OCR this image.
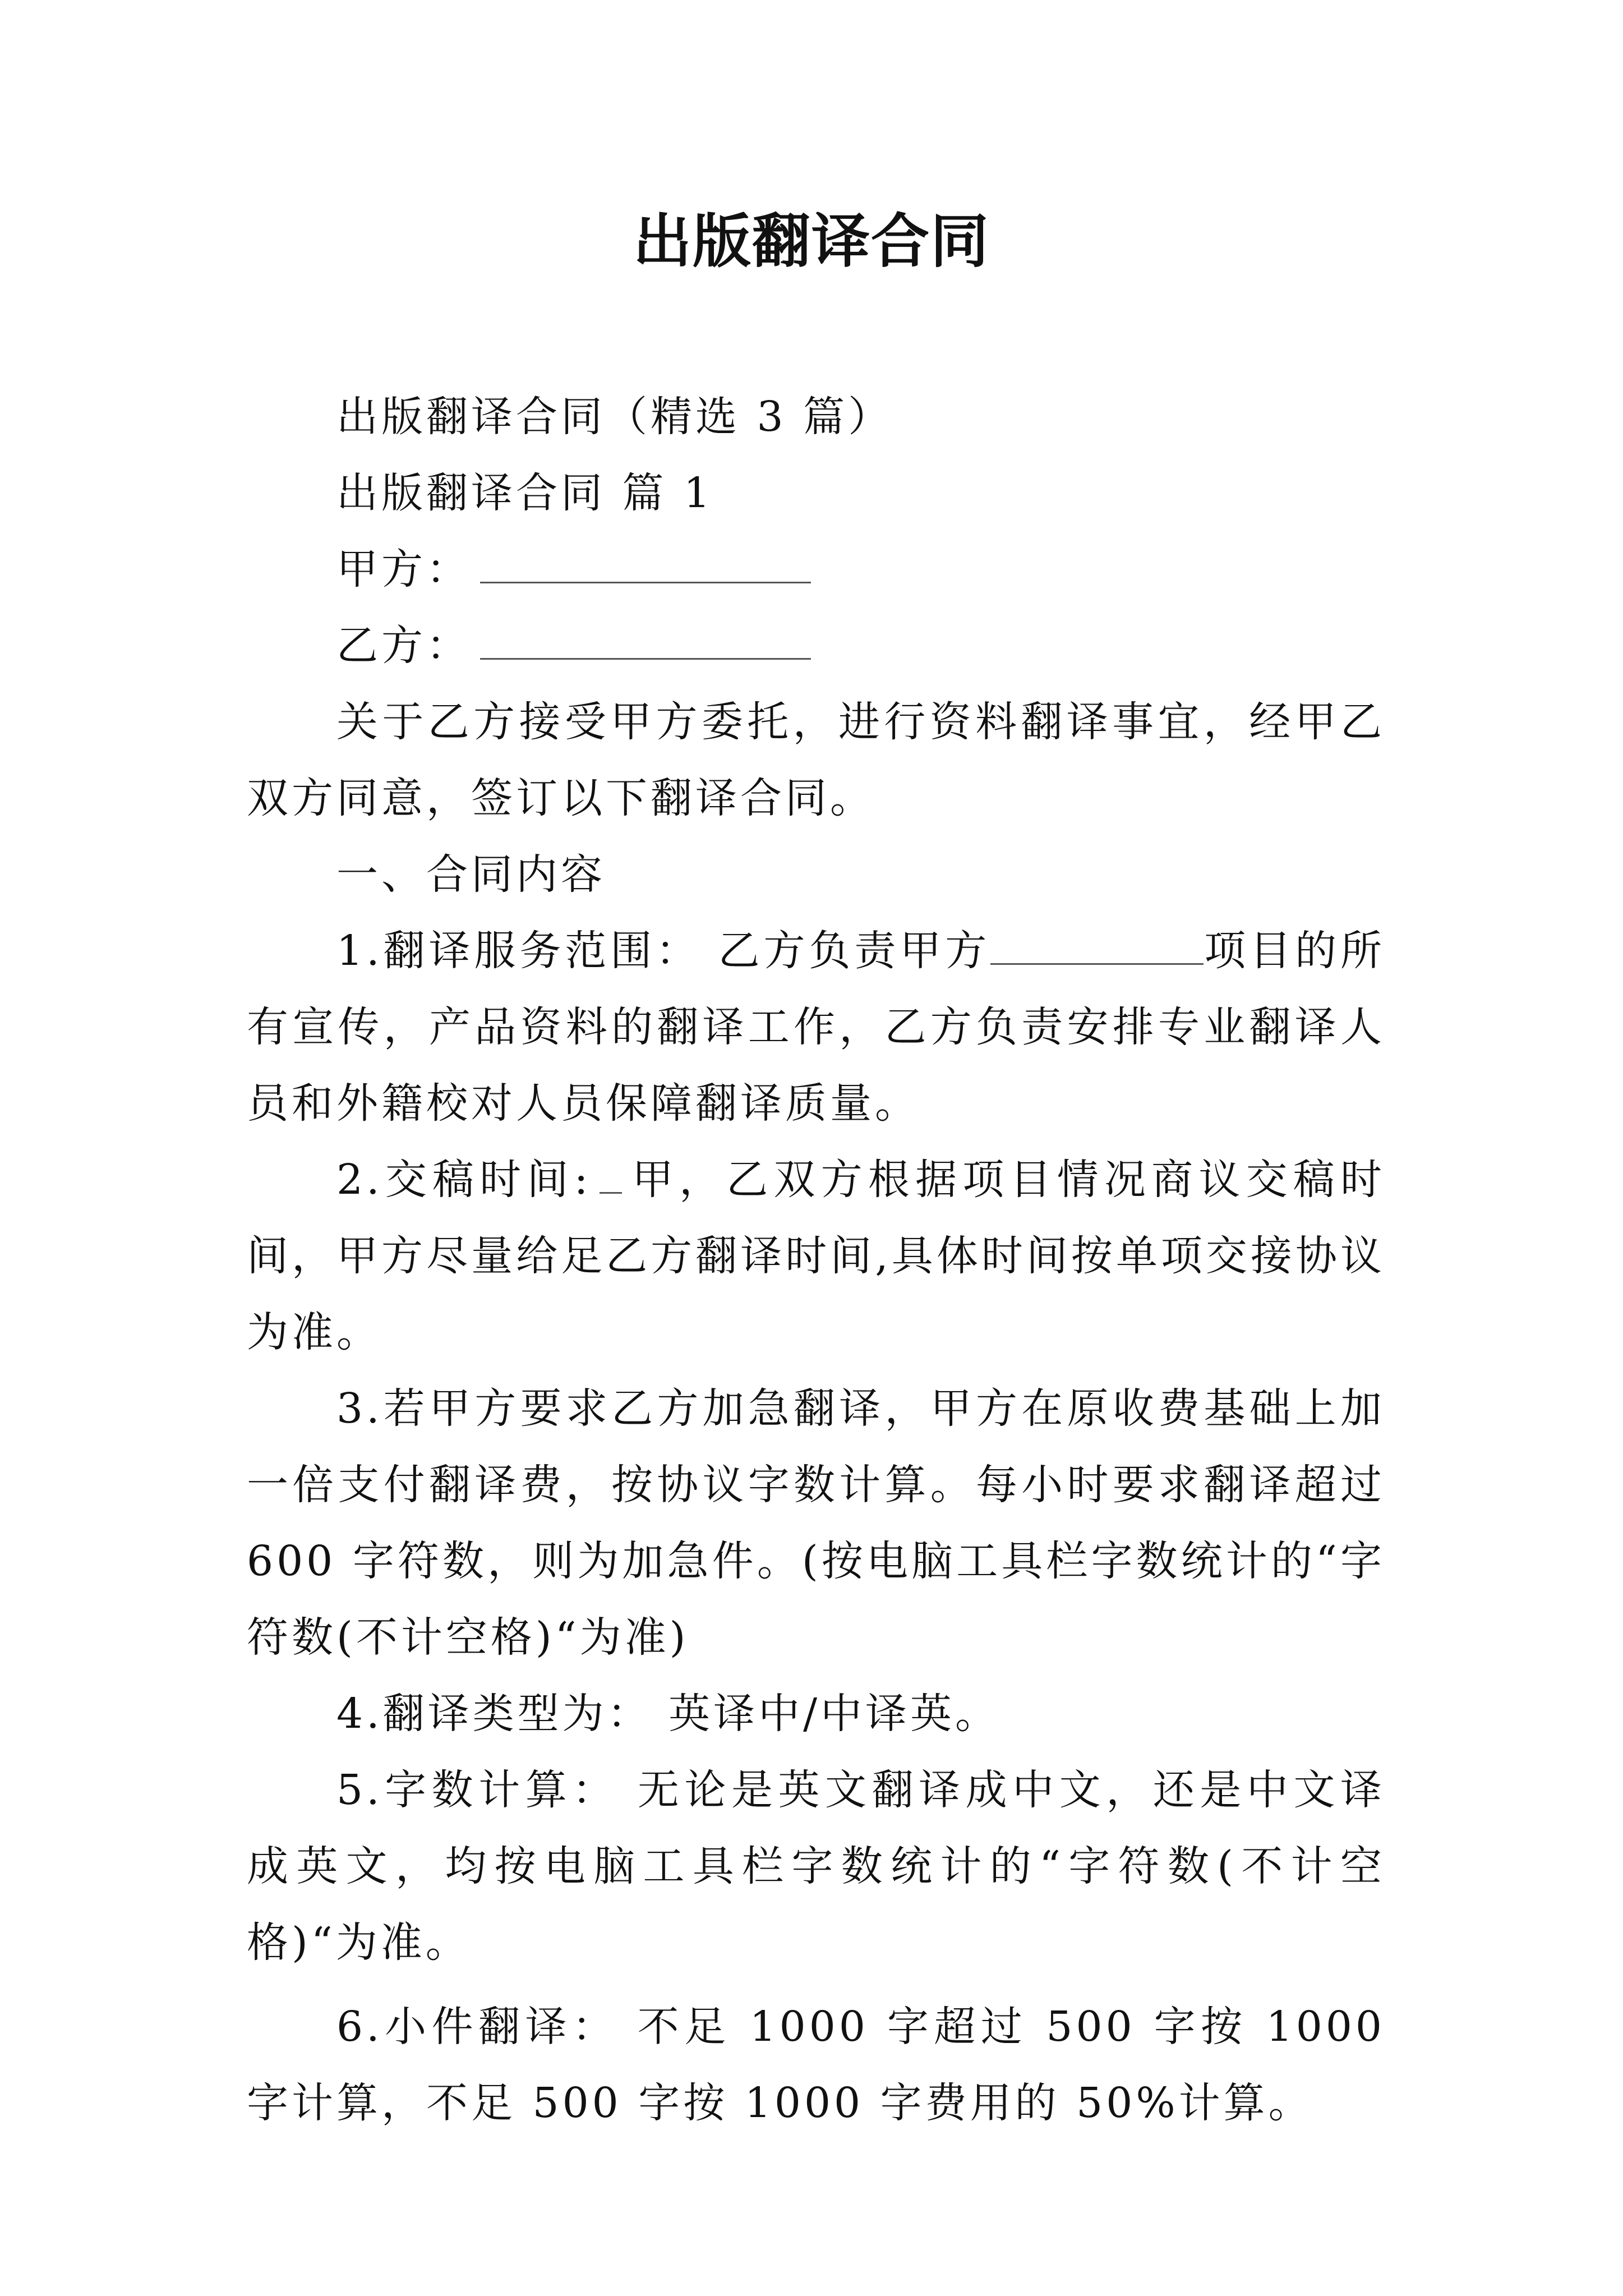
出版翻译合同

出版翻译合同（精选 3 篇）

出版翻译合同 篇 1

甲方：

乙方：

关于乙方接受甲方委托，进行资料翻译事宜，经甲乙双方同意，签订以下翻译合同。

一、合同内容

1.翻译服务范围： 乙方负责甲方	项目的所有宣传，产品资料的翻译工作，乙方负责安排专业翻译人员和外籍校对人员保障翻译质量。

2.交稿时间: 甲，乙双方根据项目情况商议交稿时间，甲方尽量给足乙方翻译时间,具体时间按单项交接协议为准。

3.若甲方要求乙方加急翻译，甲方在原收费基础上加一倍支付翻译费，按协议字数计算。每小时要求翻译超过 600 字符数，则为加急件。(按电脑工具栏字数统计的“字符数(不计空格)“为准)

4.翻译类型为： 英译中/中译英。

5.字数计算： 无论是英文翻译成中文，还是中文译成英文，均按电脑工具栏字数统计的“字符数(不计空格)“为准。

6.小件翻译： 不足 1000 字超过 500 字按 1000 字计算，不足 500 字按 1000 字费用的 50%计算。
